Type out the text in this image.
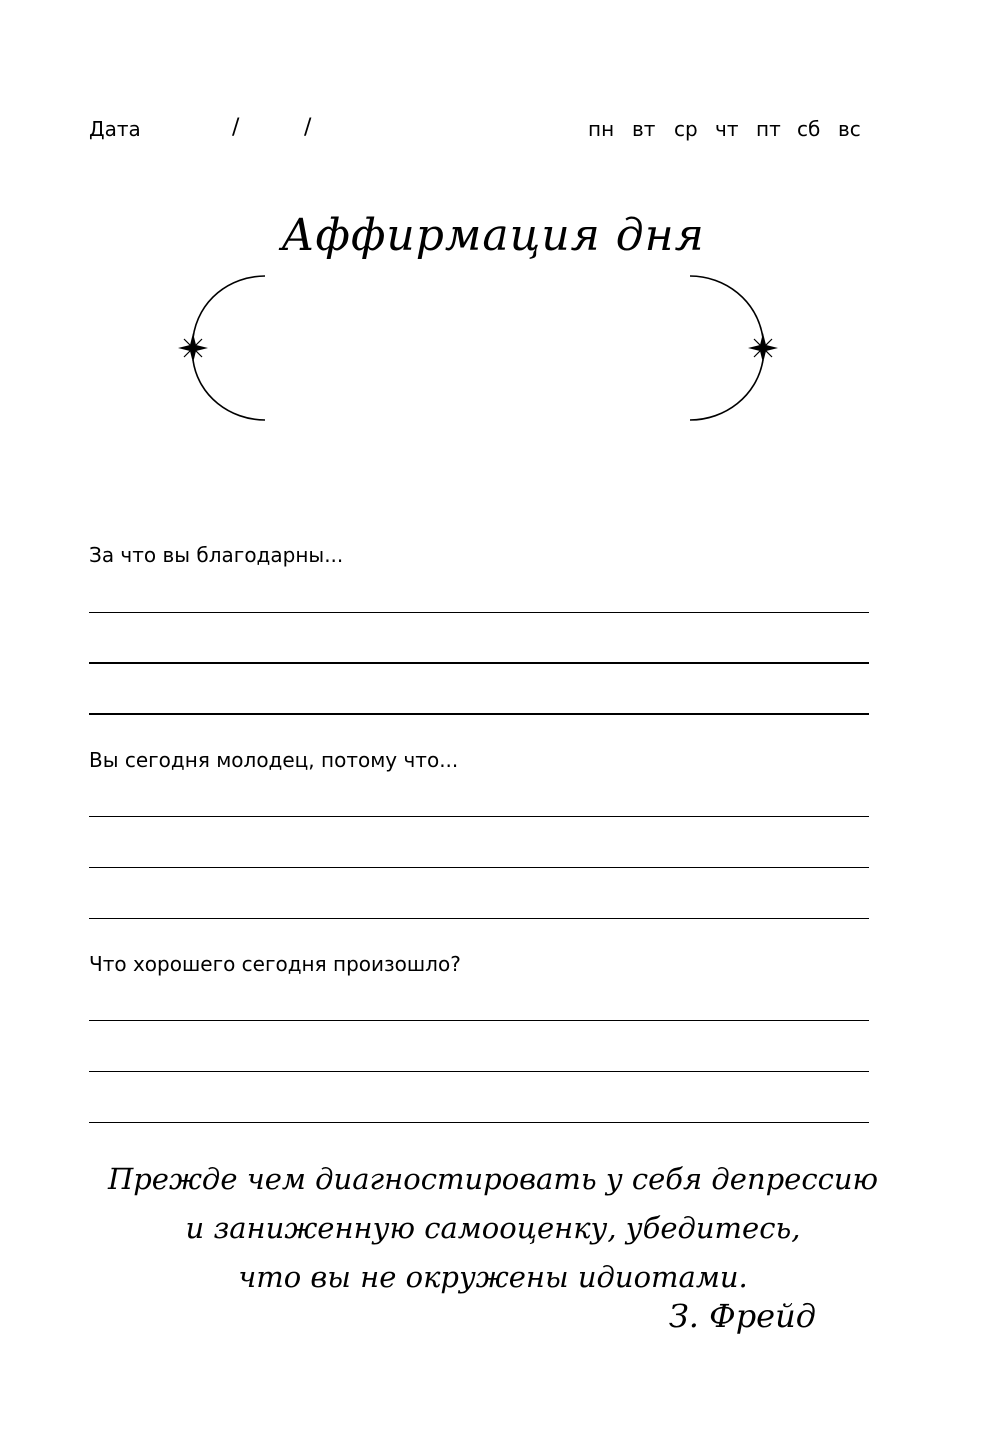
Дата	/	/	пн вт ср чт пт сб вс
Аффирмация дня
За что вы благодарны...
Вы сегодня молодец, потому что...
Что хорошего сегодня произошло?
Прежде чем диагностировать у себя депрессию
и заниженную самооценку, убедитесь,
что вы не окружены идиотами.
З. Фрейд
